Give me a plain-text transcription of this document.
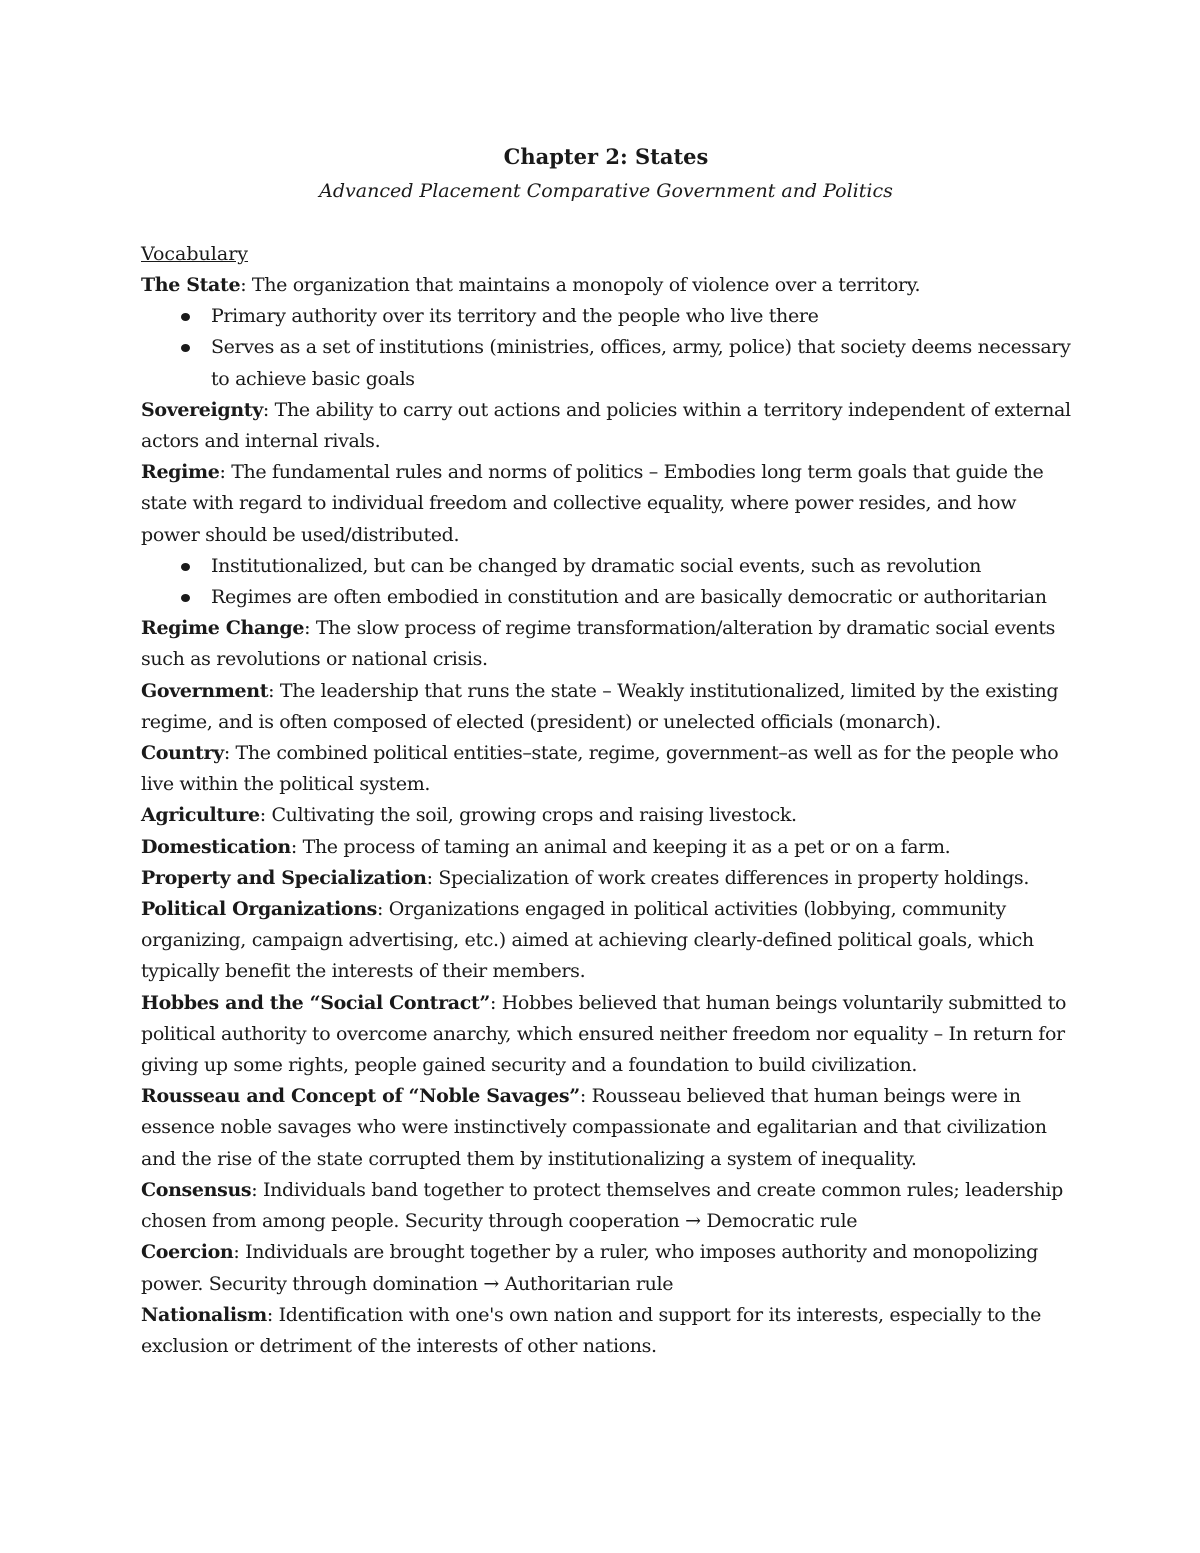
Chapter 2: States
Advanced Placement Comparative Government and Politics
Vocabulary

The State: The organization that maintains a monopoly of violence over a territory.

Primary authority over its territory and the people who live there
Serves as a set of institutions (ministries, offices, army, police) that society deems necessary to achieve basic goals

Sovereignty: The ability to carry out actions and policies within a territory independent of external actors and internal rivals.

Regime: The fundamental rules and norms of politics – Embodies long term goals that guide the state with regard to individual freedom and collective equality, where power resides, and how power should be used/distributed.

Institutionalized, but can be changed by dramatic social events, such as revolution
Regimes are often embodied in constitution and are basically democratic or authoritarian

Regime Change: The slow process of regime transformation/alteration by dramatic social events such as revolutions or national crisis.

Government: The leadership that runs the state – Weakly institutionalized, limited by the existing regime, and is often composed of elected (president) or unelected officials (monarch).

Country: The combined political entities–state, regime, government–as well as for the people who live within the political system.

Agriculture: Cultivating the soil, growing crops and raising livestock.

Domestication: The process of taming an animal and keeping it as a pet or on a farm.

Property and Specialization: Specialization of work creates differences in property holdings.

Political Organizations: Organizations engaged in political activities (lobbying, community organizing, campaign advertising, etc.) aimed at achieving clearly-defined political goals, which typically benefit the interests of their members.

Hobbes and the “Social Contract”: Hobbes believed that human beings voluntarily submitted to political authority to overcome anarchy, which ensured neither freedom nor equality – In return for giving up some rights, people gained security and a foundation to build civilization.

Rousseau and Concept of “Noble Savages”: Rousseau believed that human beings were in essence noble savages who were instinctively compassionate and egalitarian and that civilization and the rise of the state corrupted them by institutionalizing a system of inequality.

Consensus: Individuals band together to protect themselves and create common rules; leadership chosen from among people. Security through cooperation → Democratic rule

Coercion: Individuals are brought together by a ruler, who imposes authority and monopolizing power. Security through domination → Authoritarian rule

Nationalism: Identification with one's own nation and support for its interests, especially to the exclusion or detriment of the interests of other nations.
